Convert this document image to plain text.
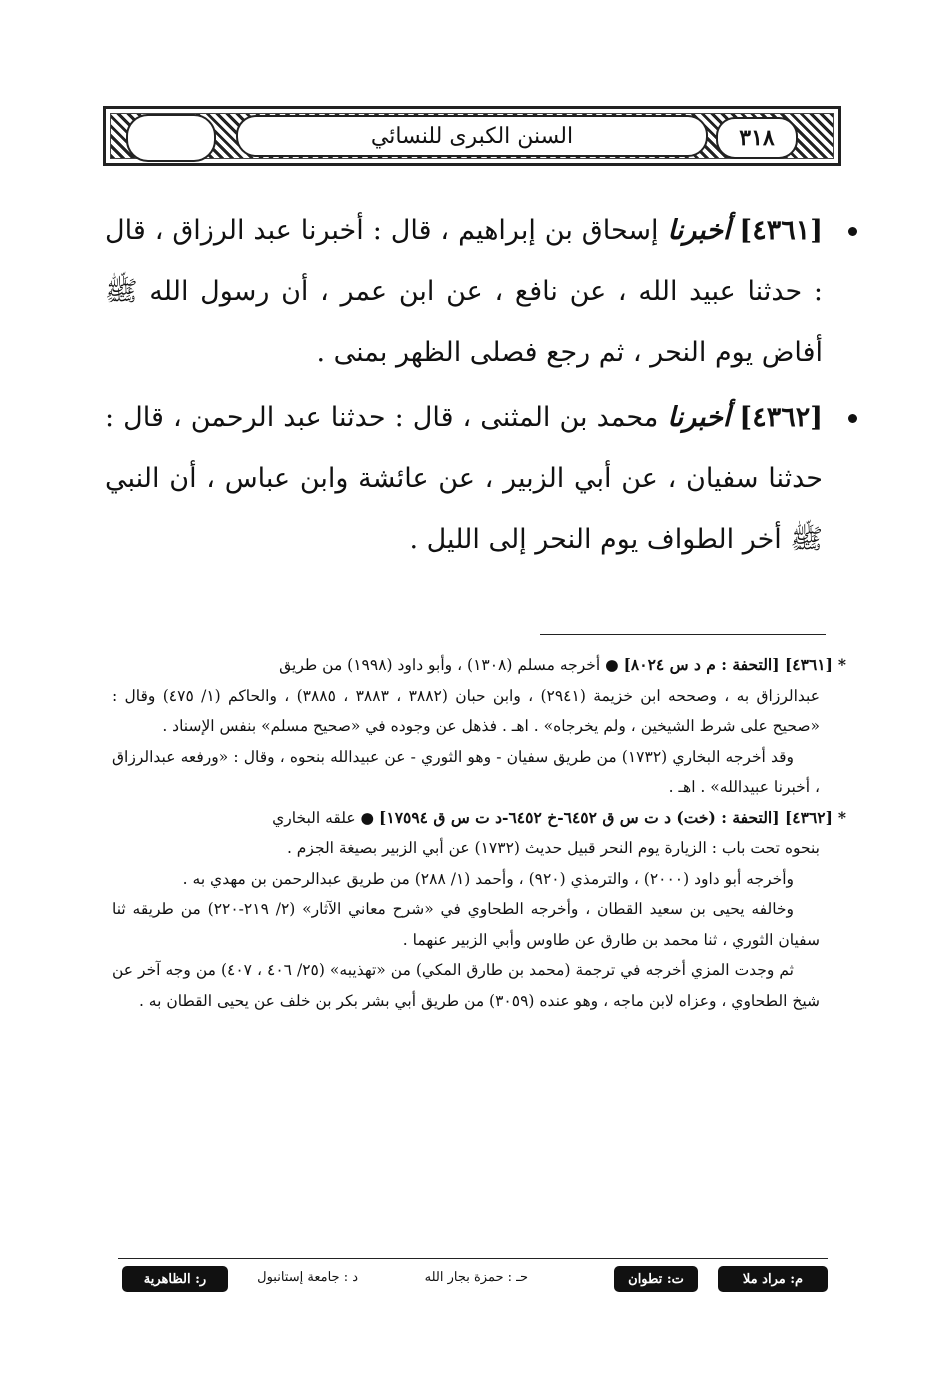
السنن الكبرى للنسائي	٣١٨
[٤٣٦١] أخبرنا إسحاق بن إبراهيم ، قال : أخبرنا عبد الرزاق ، قال : حدثنا عبيد الله ، عن نافع ، عن ابن عمر ، أن رسول الله ﷺ أفاض يوم النحر ، ثم رجع فصلى الظهر بمنى .
[٤٣٦٢] أخبرنا محمد بن المثنى ، قال : حدثنا عبد الرحمن ، قال : حدثنا سفيان ، عن أبي الزبير ، عن عائشة وابن عباس ، أن النبي ﷺ أخر الطواف يوم النحر إلى الليل .
* [٤٣٦١] [التحفة : م د س ٨٠٢٤] ● أخرجه مسلم (١٣٠٨) ، وأبو داود (١٩٩٨) من طريق
عبدالرزاق به ، وصححه ابن خزيمة (٢٩٤١) ، وابن حبان (٣٨٨٢ ، ٣٨٨٣ ، ٣٨٨٥) ، والحاكم (١/ ٤٧٥) وقال : «صحيح على شرط الشيخين ، ولم يخرجاه» . اهـ . فذهل عن وجوده في «صحيح مسلم» بنفس الإسناد .
وقد أخرجه البخاري (١٧٣٢) من طريق سفيان - وهو الثوري - عن عبيدالله بنحوه ، وقال : «ورفعه عبدالرزاق ، أخبرنا عبيدالله» . اهـ .
* [٤٣٦٢] [التحفة : (خت) د ت س ق ٦٤٥٢-خ ٦٤٥٢-د ت س ق ١٧٥٩٤] ● علقه البخاري
بنحوه تحت باب : الزيارة يوم النحر قبيل حديث (١٧٣٢) عن أبي الزبير بصيغة الجزم .
وأخرجه أبو داود (٢٠٠٠) ، والترمذي (٩٢٠) ، وأحمد (١/ ٢٨٨) من طريق عبدالرحمن بن مهدي به .
وخالفه يحيى بن سعيد القطان ، وأخرجه الطحاوي في «شرح معاني الآثار» (٢/ ٢١٩-٢٢٠) من طريقه ثنا سفيان الثوري ، ثنا محمد بن طارق عن طاوس وأبي الزبير عنهما .
ثم وجدت المزي أخرجه في ترجمة (محمد بن طارق المكي) من «تهذيبه» (٢٥/ ٤٠٦ ، ٤٠٧) من وجه آخر عن شيخ الطحاوي ، وعزاه لابن ماجه ، وهو عنده (٣٠٥٩) من طريق أبي بشر بكر بن خلف عن يحيى القطان به .
م: مراد ملا
ت: تطوان
حـ : حمزة بجار الله
د : جامعة إستانبول
ر: الظاهرية
